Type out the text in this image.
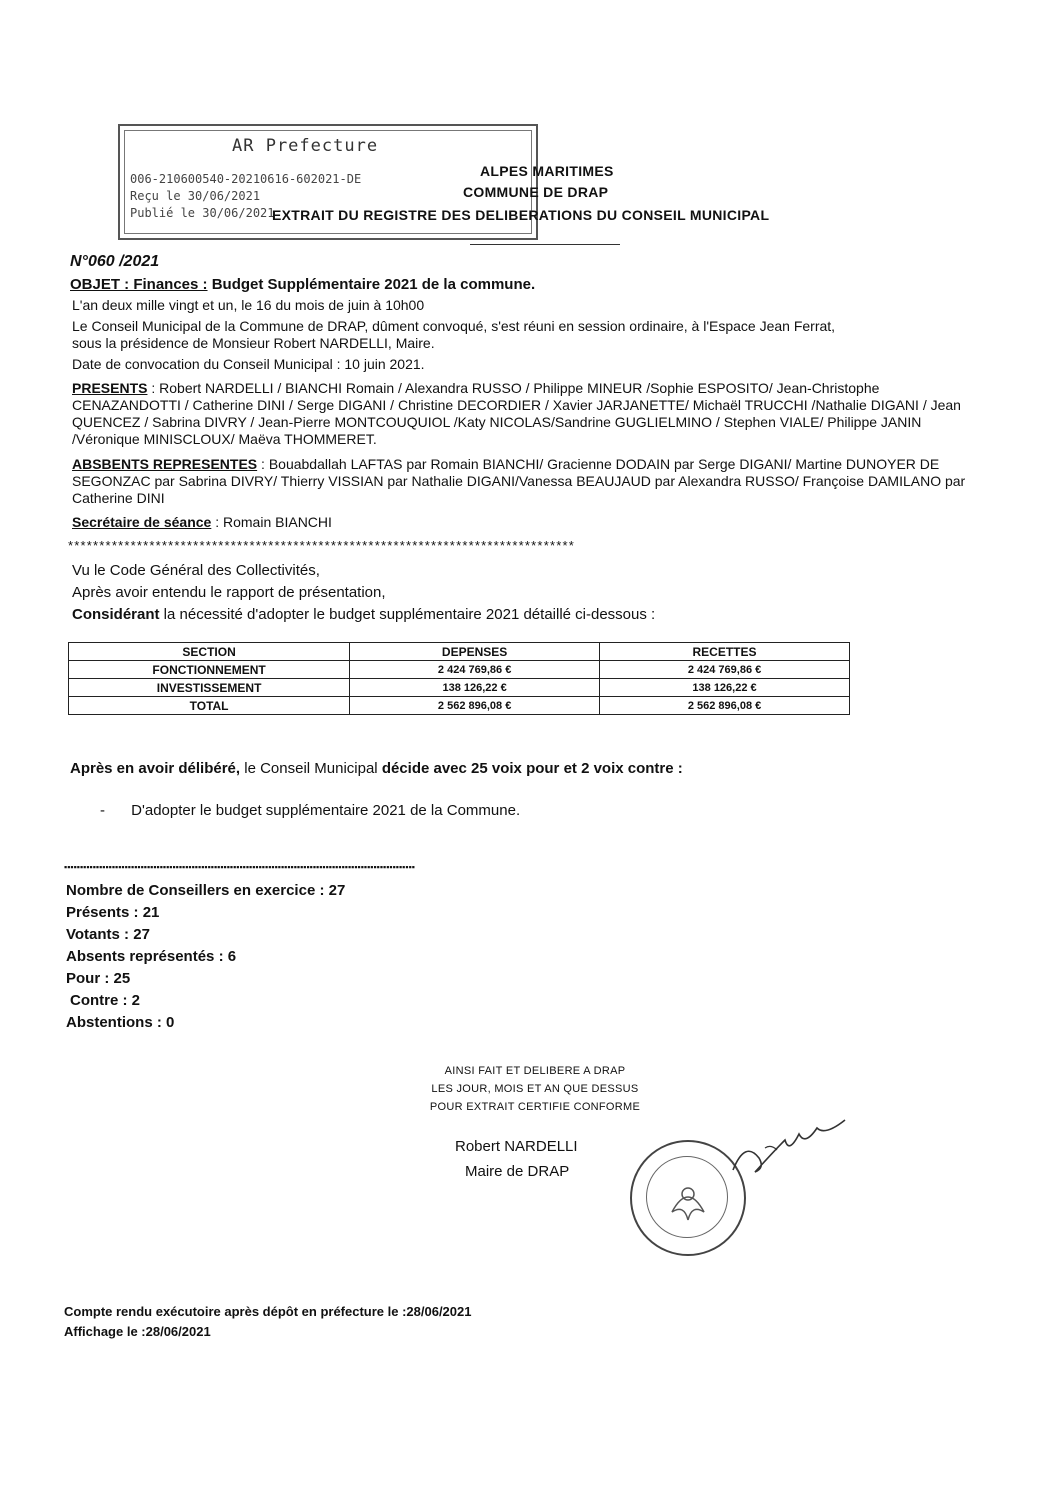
AR Prefecture
006-210600540-20210616-602021-DE
Reçu le 30/06/2021
Publié le 30/06/2021
ALPES MARITIMES
COMMUNE DE DRAP
EXTRAIT DU REGISTRE DES DELIBERATIONS DU CONSEIL MUNICIPAL
N°060 /2021
OBJET : Finances : Budget Supplémentaire 2021 de la commune.
L'an deux mille vingt et un, le 16 du mois de juin à 10h00
Le Conseil Municipal de la Commune de DRAP, dûment convoqué, s'est réuni en session ordinaire, à l'Espace Jean Ferrat,
sous la présidence de Monsieur Robert NARDELLI, Maire.
Date de convocation du Conseil Municipal : 10 juin 2021.
PRESENTS : Robert NARDELLI / BIANCHI Romain / Alexandra RUSSO / Philippe MINEUR /Sophie ESPOSITO/ Jean-Christophe CENAZANDOTTI / Catherine DINI / Serge DIGANI / Christine DECORDIER / Xavier JARJANETTE/ Michaël TRUCCHI /Nathalie DIGANI / Jean QUENCEZ / Sabrina DIVRY / Jean-Pierre MONTCOUQUIOL /Katy NICOLAS/Sandrine GUGLIELMINO / Stephen VIALE/ Philippe JANIN /Véronique MINISCLOUX/ Maëva THOMMERET.
ABSBENTS REPRESENTES : Bouabdallah LAFTAS par Romain BIANCHI/ Gracienne DODAIN par Serge DIGANI/ Martine DUNOYER DE SEGONZAC par Sabrina DIVRY/ Thierry VISSIAN par Nathalie DIGANI/Vanessa BEAUJAUD par Alexandra RUSSO/ Françoise DAMILANO par Catherine DINI
Secrétaire de séance : Romain BIANCHI
*********************************************************************************
Vu le Code Général des Collectivités,
Après avoir entendu le rapport de présentation,
Considérant la nécessité d'adopter le budget supplémentaire 2021 détaillé ci-dessous :
SECTION	DEPENSES	RECETTES
FONCTIONNEMENT	2 424 769,86 €	2 424 769,86 €
INVESTISSEMENT	138 126,22 €	138 126,22 €
TOTAL	2 562 896,08 €	2 562 896,08 €
Après en avoir délibéré, le Conseil Municipal décide avec 25 voix pour et 2 voix contre :
- D'adopter le budget supplémentaire 2021 de la Commune.
▪▪▪▪▪▪▪▪▪▪▪▪▪▪▪▪▪▪▪▪▪▪▪▪▪▪▪▪▪▪▪▪▪▪▪▪▪▪▪▪▪▪▪▪▪▪▪▪▪▪▪▪▪▪▪▪▪▪▪▪▪▪▪▪▪▪▪▪▪▪▪▪▪▪▪▪▪▪▪▪▪▪▪▪▪▪▪▪▪▪▪▪▪▪▪▪▪▪▪▪▪▪▪▪▪▪▪▪▪▪
Nombre de Conseillers en exercice : 27
Présents : 21
Votants : 27
Absents représentés : 6
Pour : 25
Contre : 2
Abstentions : 0
AINSI FAIT ET DELIBERE A DRAP
LES JOUR, MOIS ET AN QUE DESSUS
POUR EXTRAIT CERTIFIE CONFORME
Robert NARDELLI
Maire de DRAP
Compte rendu exécutoire après dépôt en préfecture le :28/06/2021
Affichage le :28/06/2021
